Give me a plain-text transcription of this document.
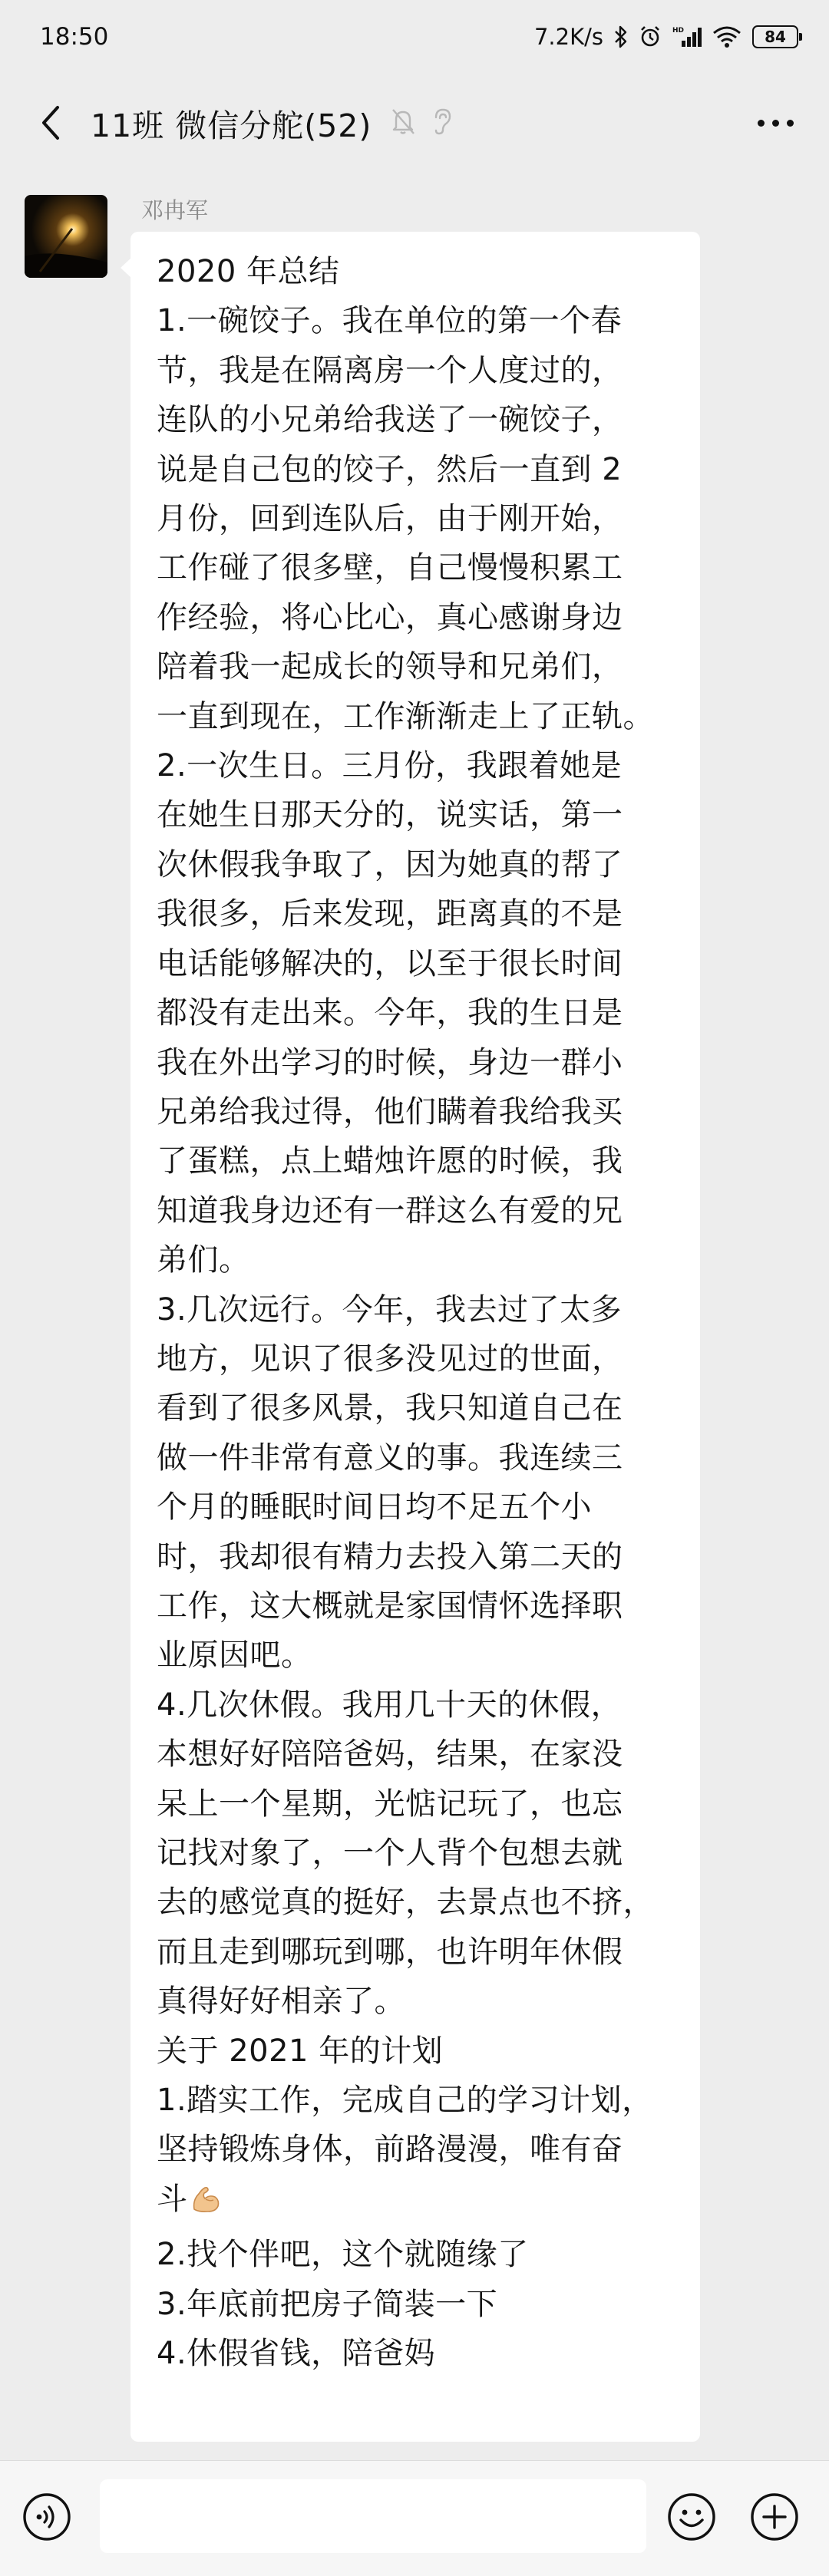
18:50	7.2K/s	HD	84
11班 微信分舵(52)
邓冉军
2020 年总结
1.一碗饺子。我在单位的第一个春
节，我是在隔离房一个人度过的，
连队的小兄弟给我送了一碗饺子，
说是自己包的饺子，然后一直到 2
月份，回到连队后，由于刚开始，
工作碰了很多壁，自己慢慢积累工
作经验，将心比心，真心感谢身边
陪着我一起成长的领导和兄弟们，
一直到现在，工作渐渐走上了正轨。
2.一次生日。三月份，我跟着她是
在她生日那天分的，说实话，第一
次休假我争取了，因为她真的帮了
我很多，后来发现，距离真的不是
电话能够解决的，以至于很长时间
都没有走出来。今年，我的生日是
我在外出学习的时候，身边一群小
兄弟给我过得，他们瞒着我给我买
了蛋糕，点上蜡烛许愿的时候，我
知道我身边还有一群这么有爱的兄
弟们。
3.几次远行。今年，我去过了太多
地方，见识了很多没见过的世面，
看到了很多风景，我只知道自己在
做一件非常有意义的事。我连续三
个月的睡眠时间日均不足五个小
时，我却很有精力去投入第二天的
工作，这大概就是家国情怀选择职
业原因吧。
4.几次休假。我用几十天的休假，
本想好好陪陪爸妈，结果，在家没
呆上一个星期，光惦记玩了，也忘
记找对象了，一个人背个包想去就
去的感觉真的挺好，去景点也不挤，
而且走到哪玩到哪，也许明年休假
真得好好相亲了。
关于 2021 年的计划
1.踏实工作，完成自己的学习计划，
坚持锻炼身体，前路漫漫，唯有奋
斗
2.找个伴吧，这个就随缘了
3.年底前把房子简装一下
4.休假省钱，陪爸妈
